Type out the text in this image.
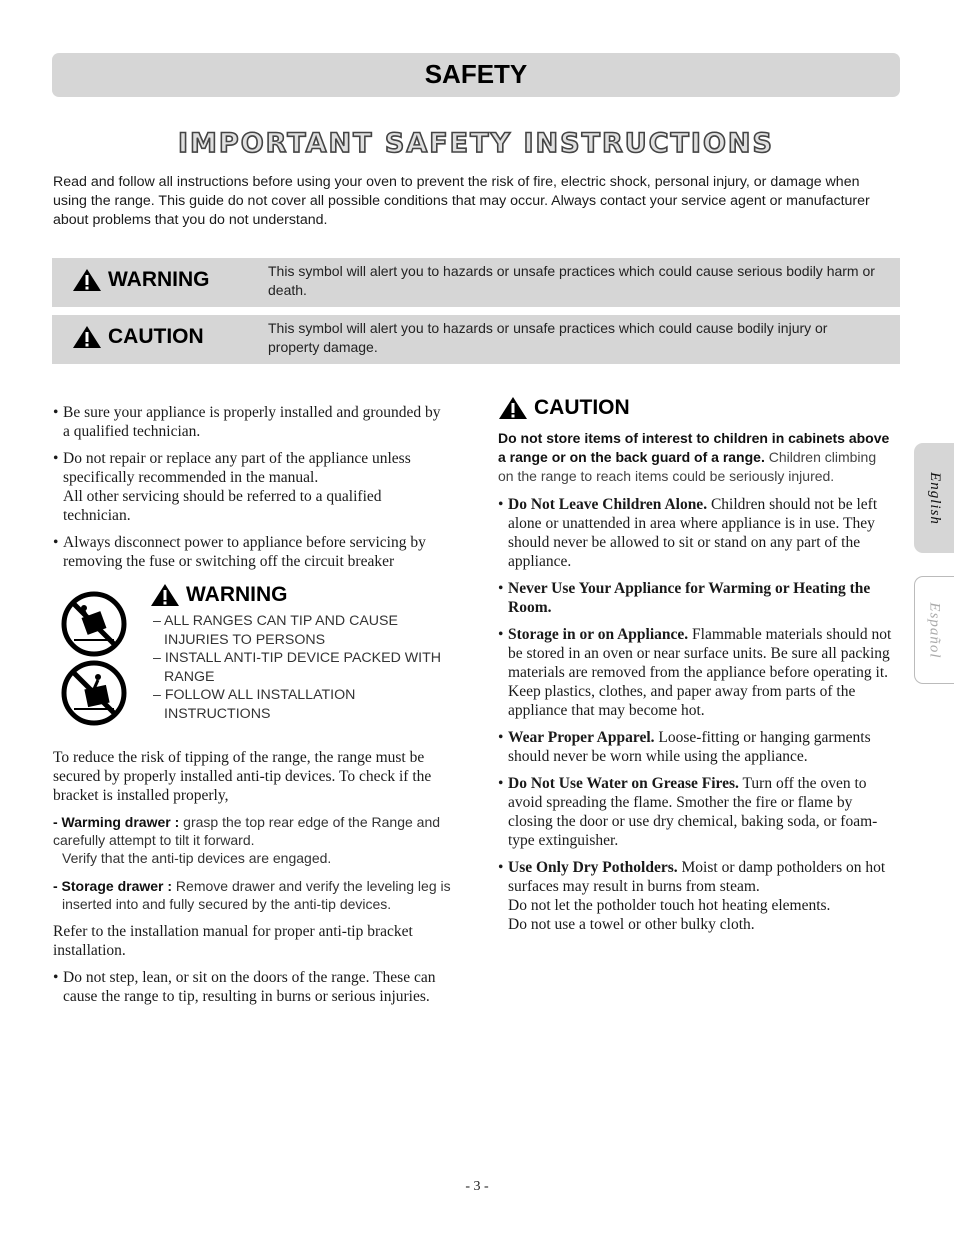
SAFETY
IMPORTANT SAFETY INSTRUCTIONS
Read and follow all instructions before using your oven to prevent the risk of fire, electric shock, personal injury, or damage when using the range. This guide do not cover all possible conditions that may occur. Always contact your service agent or manufacturer about problems that you do not understand.
WARNING	This symbol will alert you to hazards or unsafe practices which could cause serious bodily harm or death.
CAUTION	This symbol will alert you to hazards or unsafe practices which could cause bodily injury or property damage.
• Be sure your appliance is properly installed and grounded by a qualified technician.
• Do not repair or replace any part of the appliance unless specifically recommended in the manual.
All other servicing should be referred to a qualified technician.
• Always disconnect power to appliance before servicing by removing the fuse or switching off the circuit breaker
WARNING
– ALL RANGES CAN TIP AND CAUSE
INJURIES TO PERSONS
– INSTALL ANTI-TIP DEVICE PACKED WITH
RANGE
– FOLLOW ALL INSTALLATION
INSTRUCTIONS
To reduce the risk of tipping of the range, the range must be secured by properly installed anti-tip devices. To check if the bracket is installed properly,
- Warming drawer : grasp the top rear edge of the Range and carefully attempt to tilt it forward.
Verify that the anti-tip devices are engaged.
- Storage drawer : Remove drawer and verify the leveling leg is inserted into and fully secured by the anti-tip devices.
Refer to the installation manual for proper anti-tip bracket installation.
• Do not step, lean, or sit on the doors of the range. These can cause the range to tip, resulting in burns or serious injuries.
CAUTION
Do not store items of interest to children in cabinets above a range or on the back guard of a range. Children climbing on the range to reach items could be seriously injured.
• Do Not Leave Children Alone. Children should not be left alone or unattended in area where appliance is in use. They should never be allowed to sit or stand on any part of the appliance.
• Never Use Your Appliance for Warming or Heating the Room.
• Storage in or on Appliance. Flammable materials should not be stored in an oven or near surface units. Be sure all packing materials are removed from the appliance before operating it. Keep plastics, clothes, and paper away from parts of the appliance that may become hot.
• Wear Proper Apparel. Loose-fitting or hanging garments should never be worn while using the appliance.
• Do Not Use Water on Grease Fires. Turn off the oven to avoid spreading the flame. Smother the fire or flame by closing the door or use dry chemical, baking soda, or foam-type extinguisher.
• Use Only Dry Potholders. Moist or damp potholders on hot surfaces may result in burns from steam.
Do not let the potholder touch hot heating elements.
Do not use a towel or other bulky cloth.
English
Español
- 3 -
